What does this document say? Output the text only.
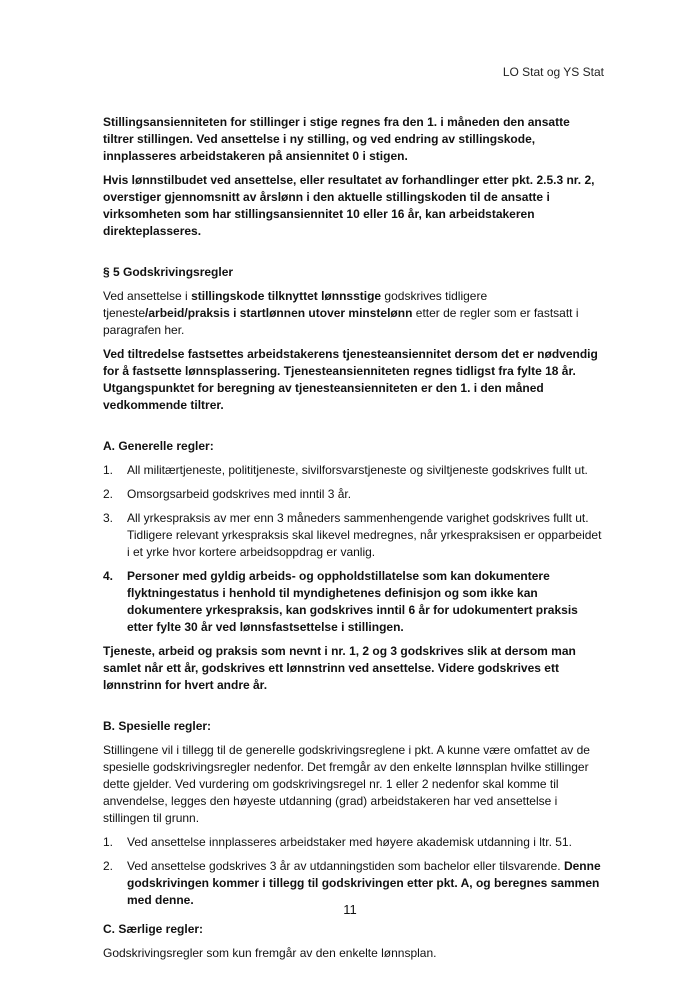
LO Stat og YS Stat

Stillingsansienniteten for stillinger i stige regnes fra den 1. i måneden den ansatte tiltrer stillingen. Ved ansettelse i ny stilling, og ved endring av stillingskode, innplasseres arbeidstakeren på ansiennitet 0 i stigen.

Hvis lønnstilbudet ved ansettelse, eller resultatet av forhandlinger etter pkt. 2.5.3 nr. 2, overstiger gjennomsnitt av årslønn i den aktuelle stillingskoden til de ansatte i virksomheten som har stillingsansiennitet 10 eller 16 år, kan arbeidstakeren direkteplasseres.

§ 5 Godskrivingsregler

Ved ansettelse i stillingskode tilknyttet lønnsstige godskrives tidligere tjeneste/arbeid/praksis i startlønnen utover minstelønn etter de regler som er fastsatt i paragrafen her.

Ved tiltredelse fastsettes arbeidstakerens tjenesteansiennitet dersom det er nødvendig for å fastsette lønnsplassering. Tjenesteansienniteten regnes tidligst fra fylte 18 år. Utgangspunktet for beregning av tjenesteansienniteten er den 1. i den måned vedkommende tiltrer.

A. Generelle regler:

1.	All militærtjeneste, polititjeneste, sivilforsvarstjeneste og siviltjeneste godskrives fullt ut.
2.	Omsorgsarbeid godskrives med inntil 3 år.
3.	All yrkespraksis av mer enn 3 måneders sammenhengende varighet godskrives fullt ut. Tidligere relevant yrkespraksis skal likevel medregnes, når yrkespraksisen er opparbeidet i et yrke hvor kortere arbeidsoppdrag er vanlig.
4.	Personer med gyldig arbeids- og oppholdstillatelse som kan dokumentere flyktningestatus i henhold til myndighetenes definisjon og som ikke kan dokumentere yrkespraksis, kan godskrives inntil 6 år for udokumentert praksis etter fylte 30 år ved lønnsfastsettelse i stillingen.

Tjeneste, arbeid og praksis som nevnt i nr. 1, 2 og 3 godskrives slik at dersom man samlet når ett år, godskrives ett lønnstrinn ved ansettelse. Videre godskrives ett lønnstrinn for hvert andre år.

B. Spesielle regler:

Stillingene vil i tillegg til de generelle godskrivingsreglene i pkt. A kunne være omfattet av de spesielle godskrivingsregler nedenfor. Det fremgår av den enkelte lønnsplan hvilke stillinger dette gjelder. Ved vurdering om godskrivingsregel nr. 1 eller 2 nedenfor skal komme til anvendelse, legges den høyeste utdanning (grad) arbeidstakeren har ved ansettelse i stillingen til grunn.

1.	Ved ansettelse innplasseres arbeidstaker med høyere akademisk utdanning i ltr. 51.
2.	Ved ansettelse godskrives 3 år av utdanningstiden som bachelor eller tilsvarende. Denne godskrivingen kommer i tillegg til godskrivingen etter pkt. A, og beregnes sammen med denne.

C. Særlige regler:

Godskrivingsregler som kun fremgår av den enkelte lønnsplan.

11
